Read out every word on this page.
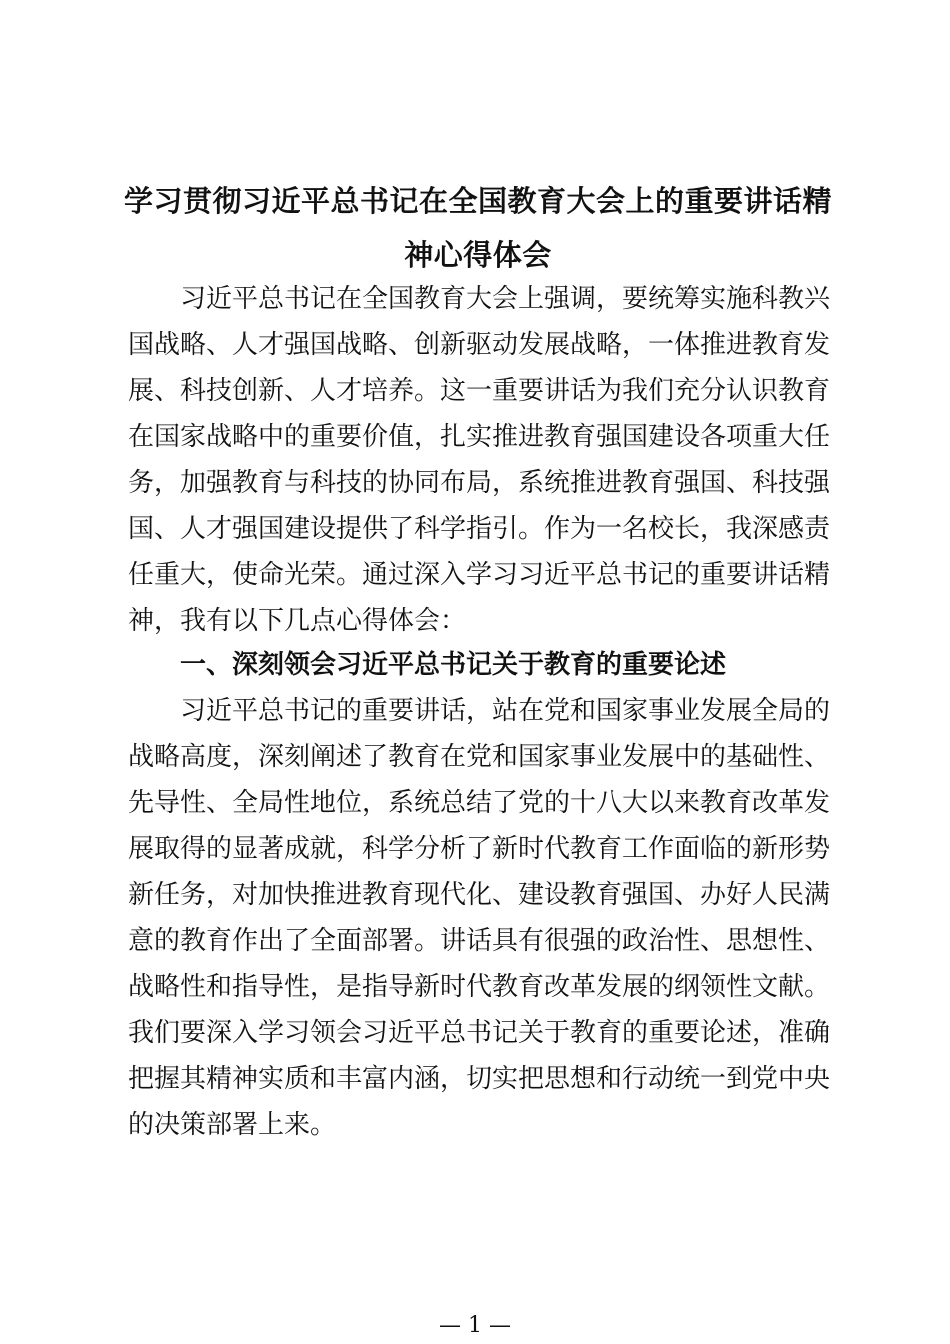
学习贯彻习近平总书记在全国教育大会上的重要讲话精
神心得体会
习近平总书记在全国教育大会上强调，要统筹实施科教兴
国战略、人才强国战略、创新驱动发展战略，一体推进教育发
展、科技创新、人才培养。这一重要讲话为我们充分认识教育
在国家战略中的重要价值，扎实推进教育强国建设各项重大任
务，加强教育与科技的协同布局，系统推进教育强国、科技强
国、人才强国建设提供了科学指引。作为一名校长，我深感责
任重大，使命光荣。通过深入学习习近平总书记的重要讲话精
神，我有以下几点心得体会：
一、深刻领会习近平总书记关于教育的重要论述
习近平总书记的重要讲话，站在党和国家事业发展全局的
战略高度，深刻阐述了教育在党和国家事业发展中的基础性、
先导性、全局性地位，系统总结了党的十八大以来教育改革发
展取得的显著成就，科学分析了新时代教育工作面临的新形势
新任务，对加快推进教育现代化、建设教育强国、办好人民满
意的教育作出了全面部署。讲话具有很强的政治性、思想性、
战略性和指导性，是指导新时代教育改革发展的纲领性文献。
我们要深入学习领会习近平总书记关于教育的重要论述，准确
把握其精神实质和丰富内涵，切实把思想和行动统一到党中央
的决策部署上来。
— 1 —
